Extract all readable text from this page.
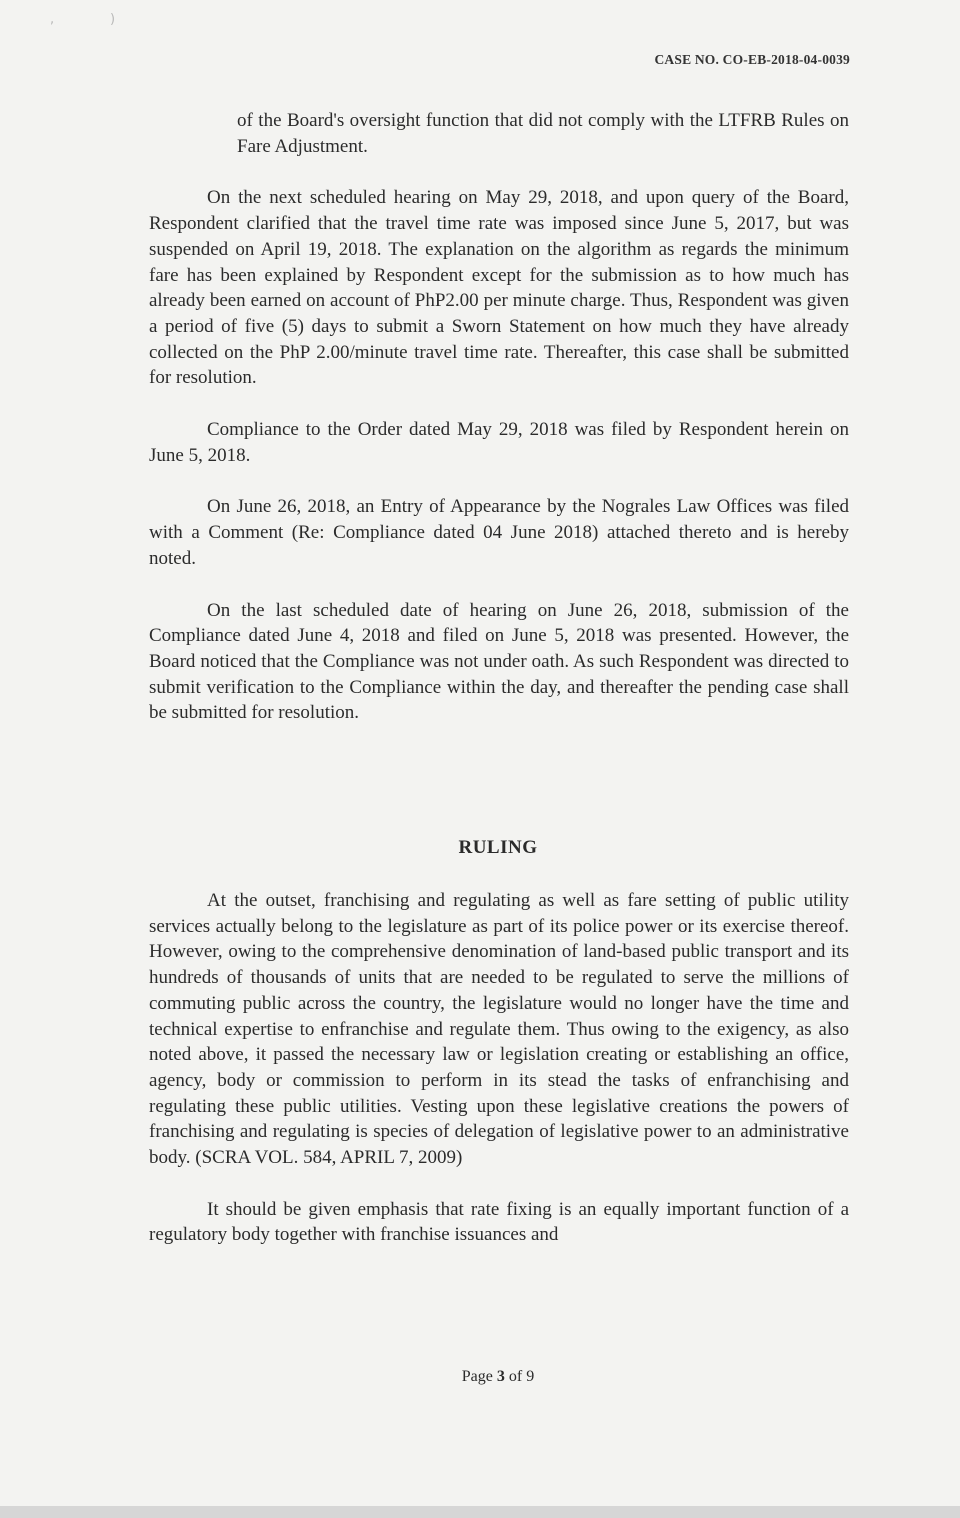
,	)
CASE NO. CO-EB-2018-04-0039

of the Board's oversight function that did not comply with the LTFRB Rules on Fare Adjustment.

On the next scheduled hearing on May 29, 2018, and upon query of the Board, Respondent clarified that the travel time rate was imposed since June 5, 2017, but was suspended on April 19, 2018. The explanation on the algorithm as regards the minimum fare has been explained by Respondent except for the submission as to how much has already been earned on account of PhP2.00 per minute charge. Thus, Respondent was given a period of five (5) days to submit a Sworn Statement on how much they have already collected on the PhP 2.00/minute travel time rate. Thereafter, this case shall be submitted for resolution.

Compliance to the Order dated May 29, 2018 was filed by Respondent herein on June 5, 2018.

On June 26, 2018, an Entry of Appearance by the Nograles Law Offices was filed with a Comment (Re: Compliance dated 04 June 2018) attached thereto and is hereby noted.

On the last scheduled date of hearing on June 26, 2018, submission of the Compliance dated June 4, 2018 and filed on June 5, 2018 was presented. However, the Board noticed that the Compliance was not under oath. As such Respondent was directed to submit verification to the Compliance within the day, and thereafter the pending case shall be submitted for resolution.

RULING

At the outset, franchising and regulating as well as fare setting of public utility services actually belong to the legislature as part of its police power or its exercise thereof. However, owing to the comprehensive denomination of land-based public transport and its hundreds of thousands of units that are needed to be regulated to serve the millions of commuting public across the country, the legislature would no longer have the time and technical expertise to enfranchise and regulate them. Thus owing to the exigency, as also noted above, it passed the necessary law or legislation creating or establishing an office, agency, body or commission to perform in its stead the tasks of enfranchising and regulating these public utilities. Vesting upon these legislative creations the powers of franchising and regulating is species of delegation of legislative power to an administrative body. (SCRA VOL. 584, APRIL 7, 2009)

It should be given emphasis that rate fixing is an equally important function of a regulatory body together with franchise issuances and

Page 3 of 9
